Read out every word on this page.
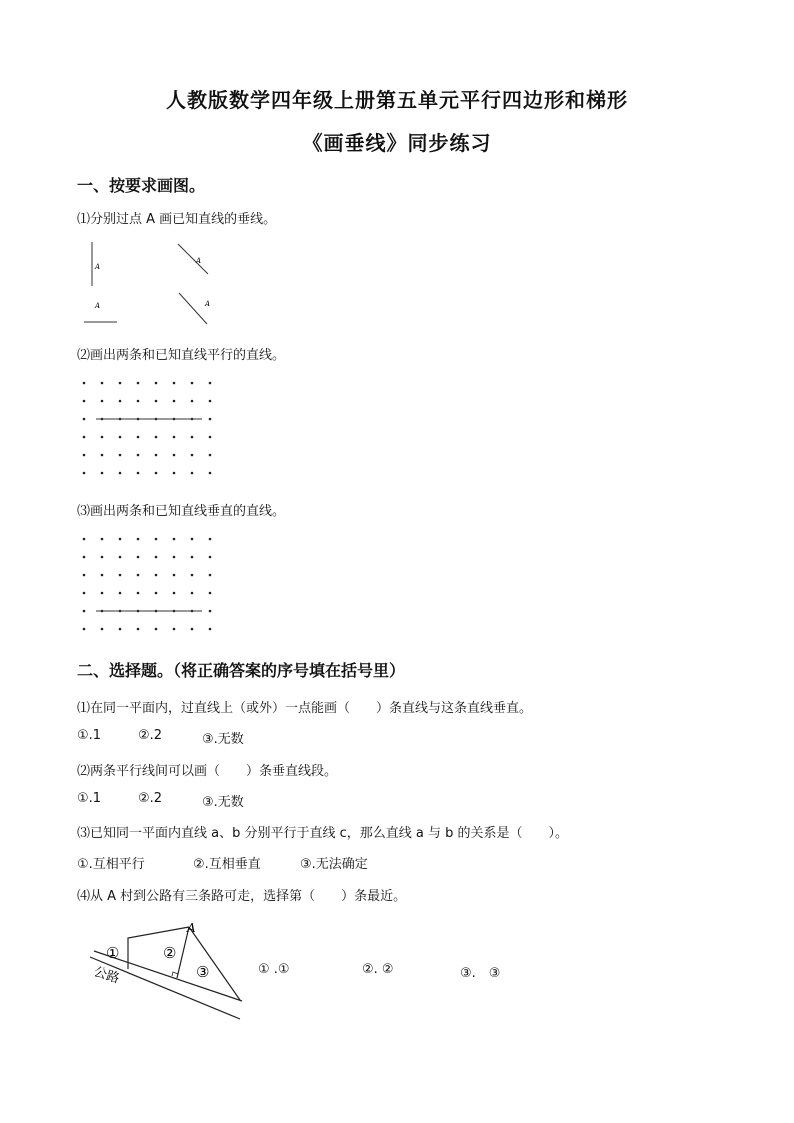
人教版数学四年级上册第五单元平行四边形和梯形
《画垂线》同步练习
一、按要求画图。
⑴分别过点 A 画已知直线的垂线。
A
A
A	A
⑵画出两条和已知直线平行的直线。
⑶画出两条和已知直线垂直的直线。
二、选择题。（将正确答案的序号填在括号里）
⑴在同一平面内，过直线上（或外）一点能画（　　）条直线与这条直线垂直。
①.1	②.2	③.无数
⑵两条平行线间可以画（　　）条垂直线段。
①.1	②.2	③.无数
⑶已知同一平面内直线 a、b 分别平行于直线 c，那么直线 a 与 b 的关系是（　　）。
①.互相平行	②.互相垂直	③.无法确定
⑷从 A 村到公路有三条路可走，选择第（　　）条最近。
公路
A
①	②
③	① .①	②. ②	③.　③
